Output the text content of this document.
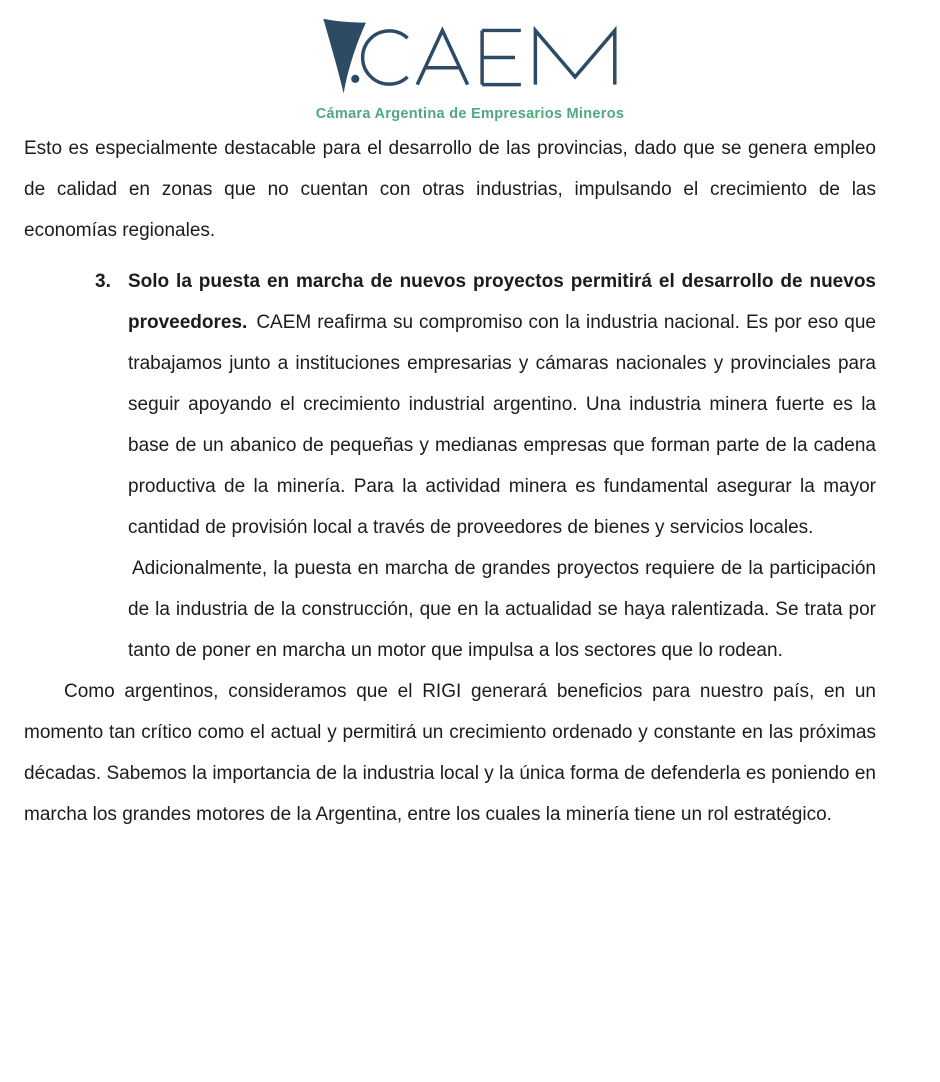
Cámara Argentina de Empresarios Mineros

Esto es especialmente destacable para el desarrollo de las provincias, dado que se genera empleo de calidad en zonas que no cuentan con otras industrias, impulsando el crecimiento de las economías regionales.

3. Solo la puesta en marcha de nuevos proyectos permitirá el desarrollo de nuevos proveedores. CAEM reafirma su compromiso con la industria nacional. Es por eso que trabajamos junto a instituciones empresarias y cámaras nacionales y provinciales para seguir apoyando el crecimiento industrial argentino. Una industria minera fuerte es la base de un abanico de pequeñas y medianas empresas que forman parte de la cadena productiva de la minería. Para la actividad minera es fundamental asegurar la mayor cantidad de provisión local a través de proveedores de bienes y servicios locales.

Adicionalmente, la puesta en marcha de grandes proyectos requiere de la participación de la industria de la construcción, que en la actualidad se haya ralentizada. Se trata por tanto de poner en marcha un motor que impulsa a los sectores que lo rodean.

Como argentinos, consideramos que el RIGI generará beneficios para nuestro país, en un momento tan crítico como el actual y permitirá un crecimiento ordenado y constante en las próximas décadas. Sabemos la importancia de la industria local y la única forma de defenderla es poniendo en marcha los grandes motores de la Argentina, entre los cuales la minería tiene un rol estratégico.
